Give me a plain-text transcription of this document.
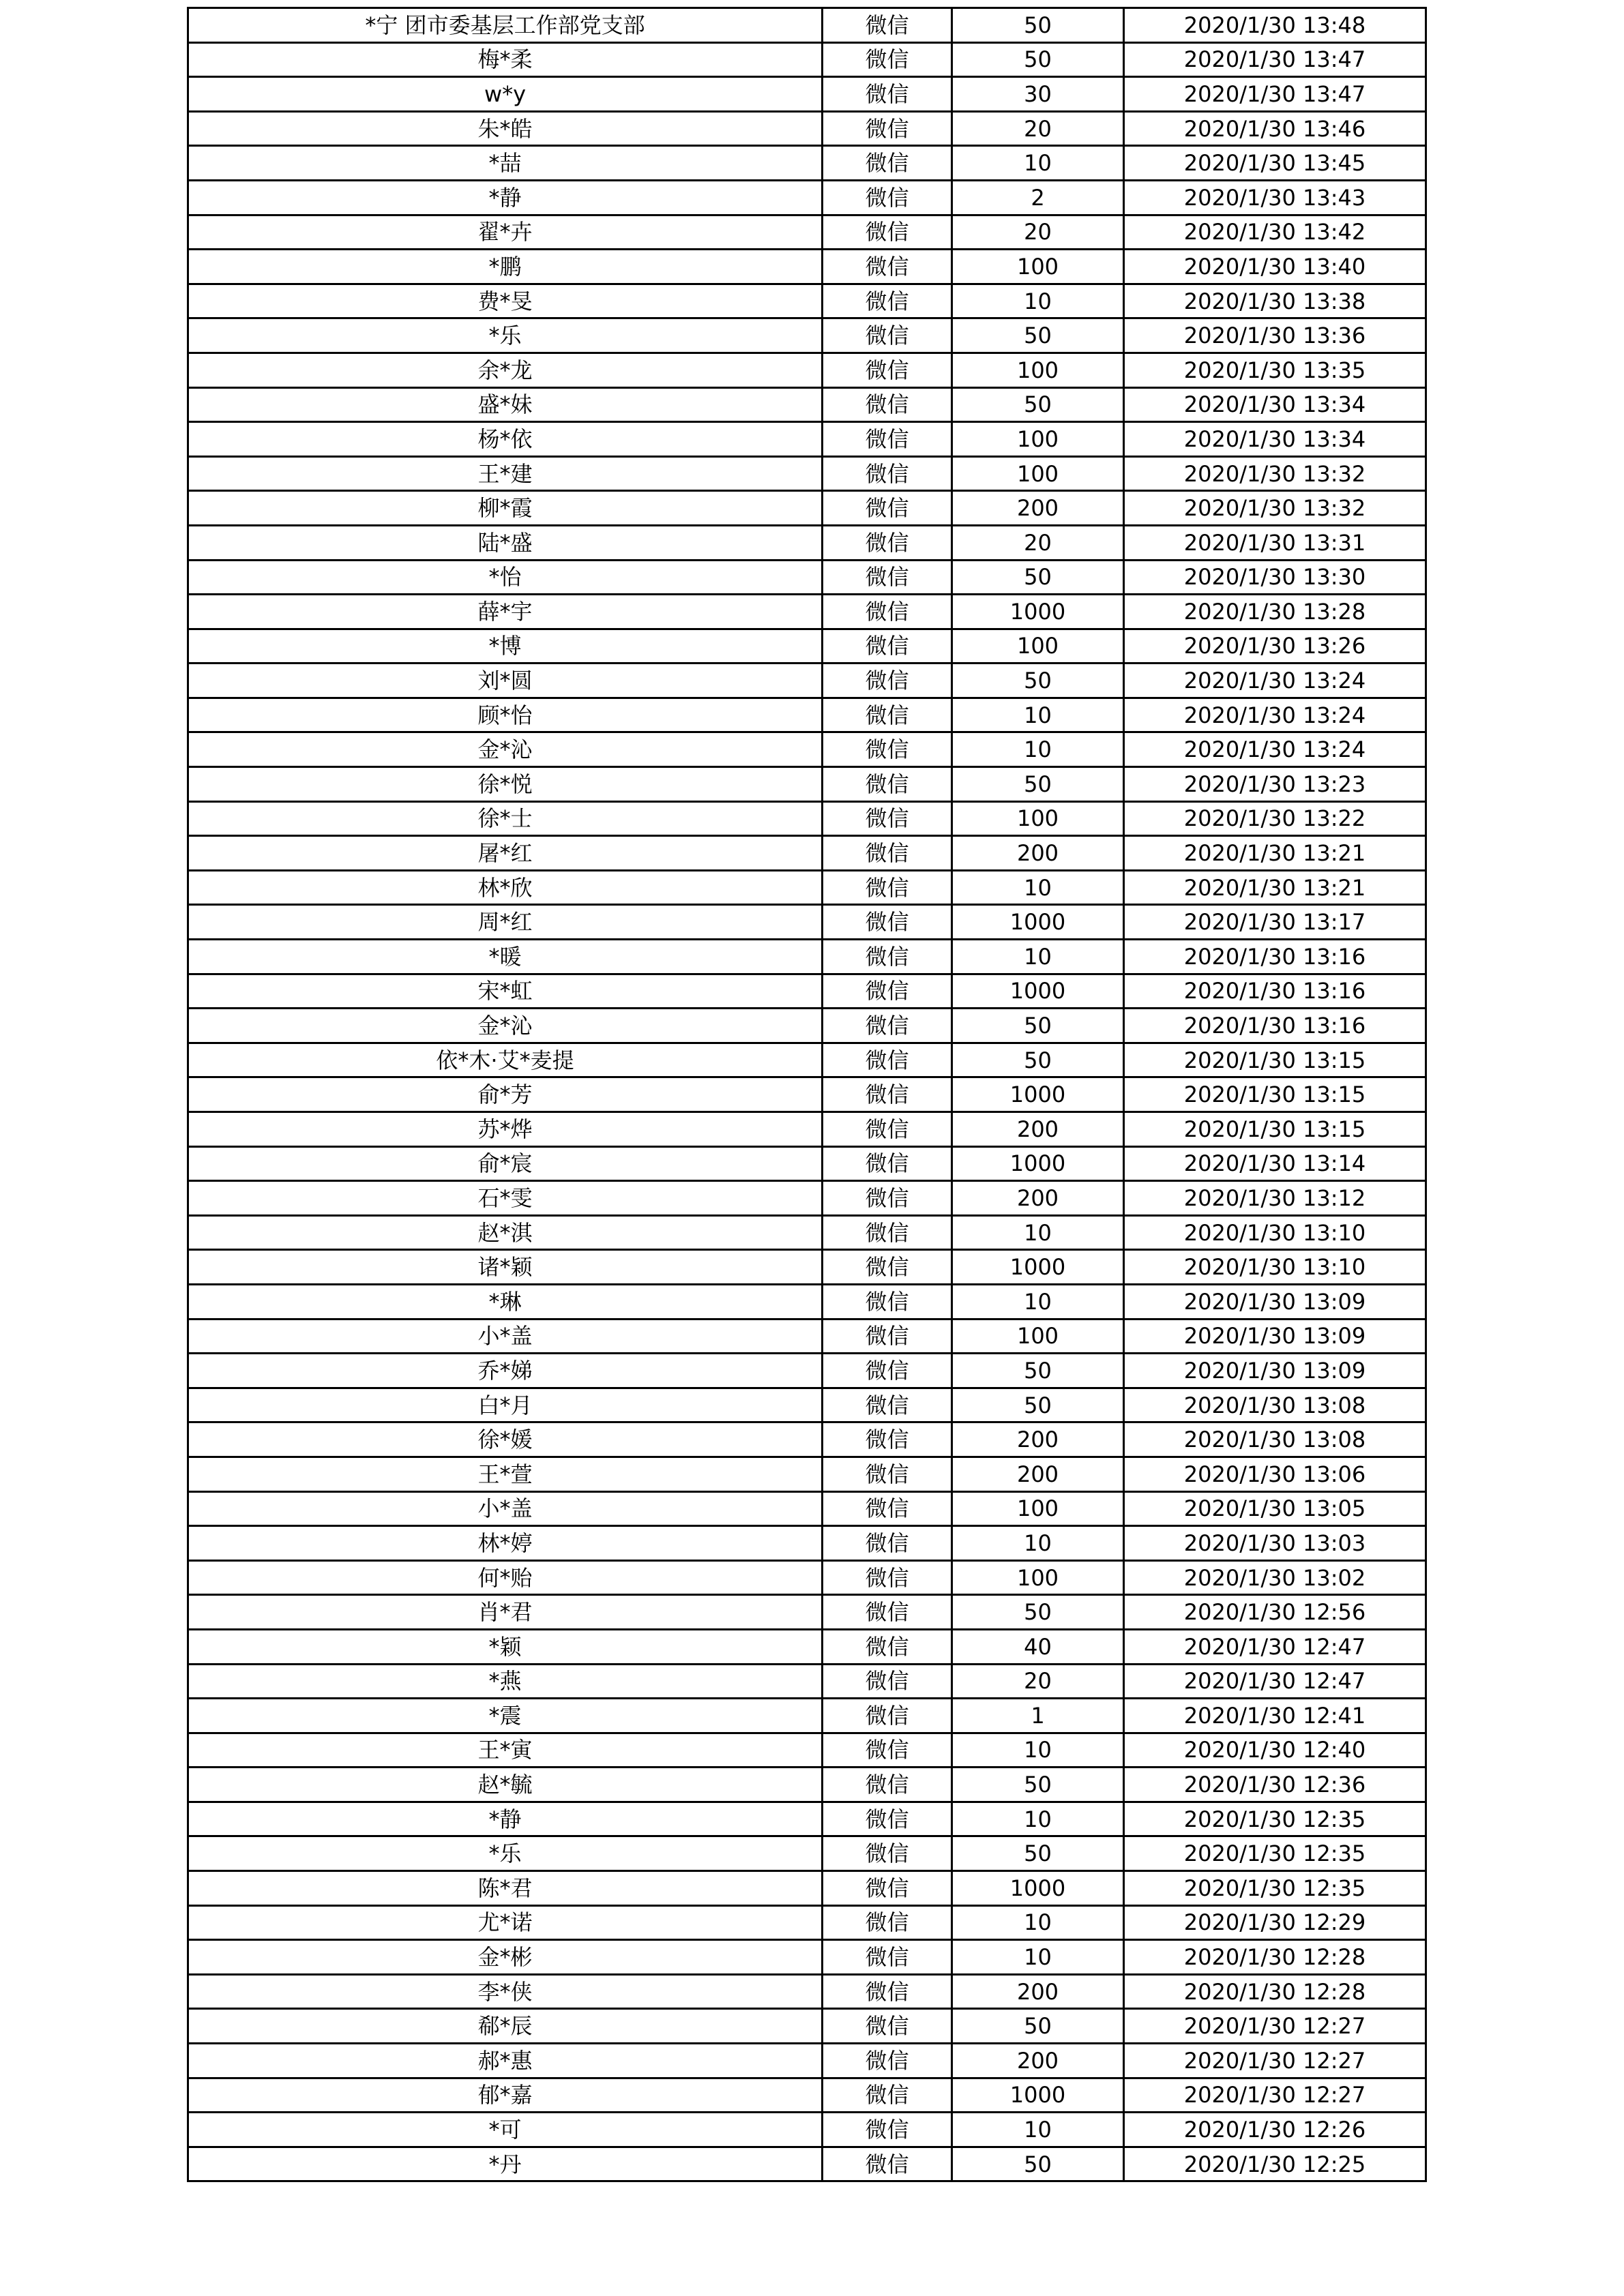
*宁 团市委基层工作部党支部	微信	50	2020/1/30 13:48
梅*柔	微信	50	2020/1/30 13:47
w*y	微信	30	2020/1/30 13:47
朱*皓	微信	20	2020/1/30 13:46
*喆	微信	10	2020/1/30 13:45
*静	微信	2	2020/1/30 13:43
翟*卉	微信	20	2020/1/30 13:42
*鹏	微信	100	2020/1/30 13:40
费*旻	微信	10	2020/1/30 13:38
*乐	微信	50	2020/1/30 13:36
余*龙	微信	100	2020/1/30 13:35
盛*妹	微信	50	2020/1/30 13:34
杨*依	微信	100	2020/1/30 13:34
王*建	微信	100	2020/1/30 13:32
柳*霞	微信	200	2020/1/30 13:32
陆*盛	微信	20	2020/1/30 13:31
*怡	微信	50	2020/1/30 13:30
薛*宇	微信	1000	2020/1/30 13:28
*博	微信	100	2020/1/30 13:26
刘*圆	微信	50	2020/1/30 13:24
顾*怡	微信	10	2020/1/30 13:24
金*沁	微信	10	2020/1/30 13:24
徐*悦	微信	50	2020/1/30 13:23
徐*士	微信	100	2020/1/30 13:22
屠*红	微信	200	2020/1/30 13:21
林*欣	微信	10	2020/1/30 13:21
周*红	微信	1000	2020/1/30 13:17
*暖	微信	10	2020/1/30 13:16
宋*虹	微信	1000	2020/1/30 13:16
金*沁	微信	50	2020/1/30 13:16
依*木·艾*麦提	微信	50	2020/1/30 13:15
俞*芳	微信	1000	2020/1/30 13:15
苏*烨	微信	200	2020/1/30 13:15
俞*宸	微信	1000	2020/1/30 13:14
石*雯	微信	200	2020/1/30 13:12
赵*淇	微信	10	2020/1/30 13:10
诸*颖	微信	1000	2020/1/30 13:10
*琳	微信	10	2020/1/30 13:09
小*盖	微信	100	2020/1/30 13:09
乔*娣	微信	50	2020/1/30 13:09
白*月	微信	50	2020/1/30 13:08
徐*媛	微信	200	2020/1/30 13:08
王*萱	微信	200	2020/1/30 13:06
小*盖	微信	100	2020/1/30 13:05
林*婷	微信	10	2020/1/30 13:03
何*贻	微信	100	2020/1/30 13:02
肖*君	微信	50	2020/1/30 12:56
*颖	微信	40	2020/1/30 12:47
*燕	微信	20	2020/1/30 12:47
*震	微信	1	2020/1/30 12:41
王*寅	微信	10	2020/1/30 12:40
赵*毓	微信	50	2020/1/30 12:36
*静	微信	10	2020/1/30 12:35
*乐	微信	50	2020/1/30 12:35
陈*君	微信	1000	2020/1/30 12:35
尤*诺	微信	10	2020/1/30 12:29
金*彬	微信	10	2020/1/30 12:28
李*侠	微信	200	2020/1/30 12:28
郗*辰	微信	50	2020/1/30 12:27
郝*惠	微信	200	2020/1/30 12:27
郁*嘉	微信	1000	2020/1/30 12:27
*可	微信	10	2020/1/30 12:26
*丹	微信	50	2020/1/30 12:25
